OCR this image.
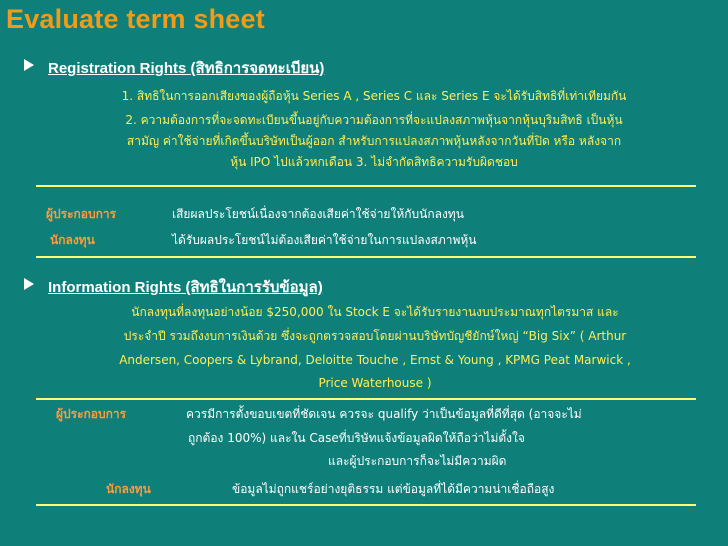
Evaluate term sheet
Registration Rights (สิทธิการจดทะเบียน)
1. สิทธิในการออกเสียงของผู้ถือหุ้น Series A , Series C และ Series E จะได้รับสิทธิที่เท่าเทียมกัน
2. ความต้องการที่จะจดทะเบียนขึ้นอยู่กับความต้องการที่จะแปลงสภาพหุ้นจากหุ้นบุริมสิทธิ เป็นหุ้น
สามัญ ค่าใช้จ่ายที่เกิดขึ้นบริษัทเป็นผู้ออก สำหรับการแปลงสภาพหุ้นหลังจากวันที่ปิด หรือ หลังจาก
หุ้น IPO ไปแล้วหกเดือน 3. ไม่จำกัดสิทธิความรับผิดชอบ
ผู้ประกอบการ	เสียผลประโยชน์เนื่องจากต้องเสียค่าใช้จ่ายให้กับนักลงทุน
นักลงทุน	ได้รับผลประโยชน์ไม่ต้องเสียค่าใช้จ่ายในการแปลงสภาพหุ้น
Information Rights (สิทธิในการรับข้อมูล)
นักลงทุนที่ลงทุนอย่างน้อย $250,000 ใน Stock E จะได้รับรายงานงบประมาณทุกไตรมาส และ
ประจำปี รวมถึงงบการเงินด้วย ซึ่งจะถูกตรวจสอบโดยผ่านบริษัทบัญชียักษ์ใหญ่ “Big Six” ( Arthur
Andersen, Coopers & Lybrand, Deloitte Touche , Ernst & Young , KPMG Peat Marwick ,
Price Waterhouse )
ผู้ประกอบการ	ควรมีการตั้งขอบเขตที่ชัดเจน ควรจะ qualify ว่าเป็นข้อมูลที่ดีที่สุด (อาจจะไม่
ถูกต้อง 100%) และใน Caseที่บริษัทแจ้งข้อมูลผิดให้ถือว่าไม่ตั้งใจ
และผู้ประกอบการก็จะไม่มีความผิด
นักลงทุน	ข้อมูลไม่ถูกแชร์อย่างยุติธรรม แต่ข้อมูลที่ได้มีความน่าเชื่อถือสูง
